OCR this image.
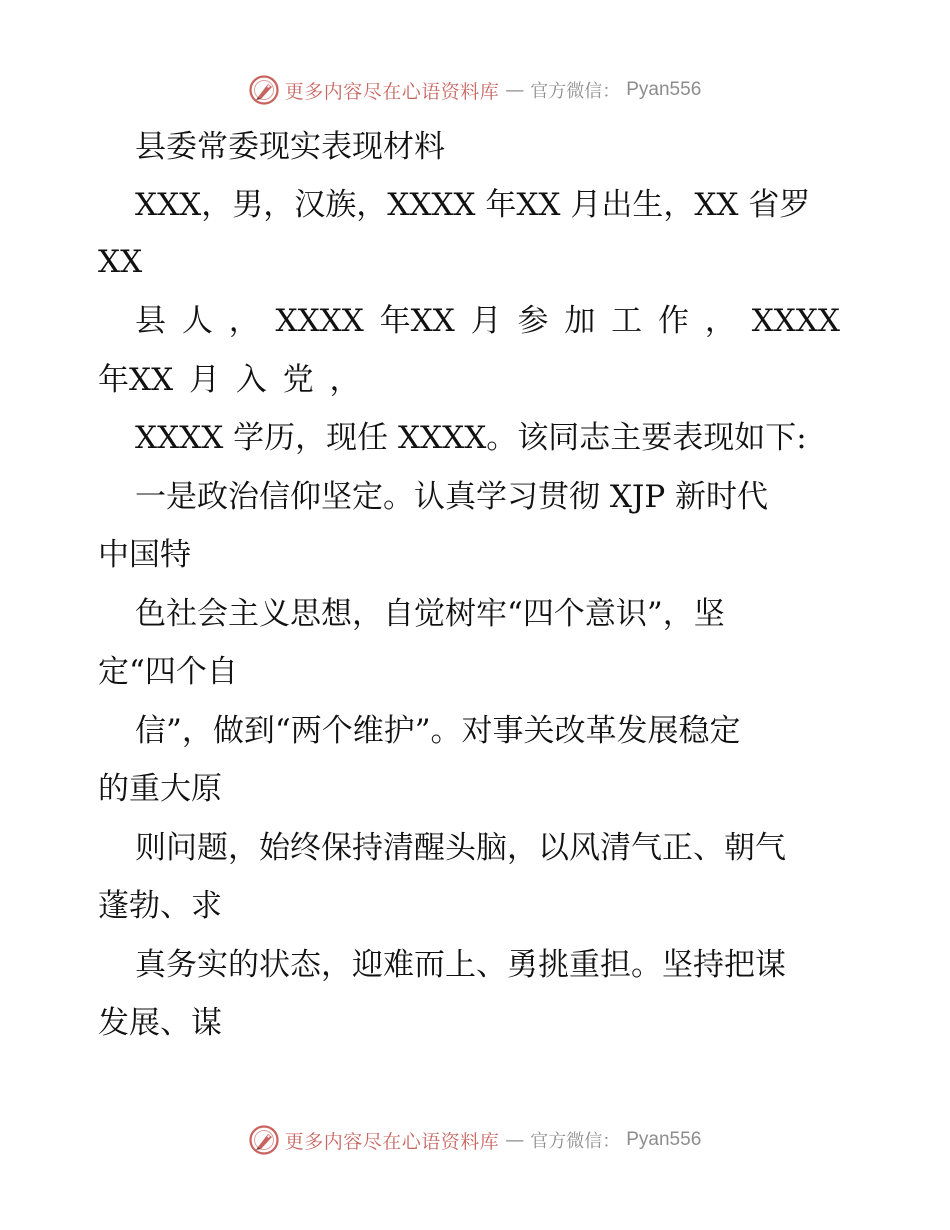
更多内容尽在心语资料库 — 官方微信： Pyan556
县委常委现实表现材料
XXX，男，汉族，XXXX 年XX 月出生，XX 省罗
XX
县 人 ， XXXX 年XX 月 参 加 工 作 ， XXXX
年XX 月 入 党 ，
XXXX 学历，现任 XXXX。该同志主要表现如下:
一是政治信仰坚定。认真学习贯彻 XJP 新时代
中国特
色社会主义思想，自觉树牢“四个意识”，坚
定“四个自
信”，做到“两个维护”。对事关改革发展稳定
的重大原
则问题，始终保持清醒头脑，以风清气正、朝气
蓬勃、求
真务实的状态，迎难而上、勇挑重担。坚持把谋
发展、谋
更多内容尽在心语资料库 — 官方微信： Pyan556
